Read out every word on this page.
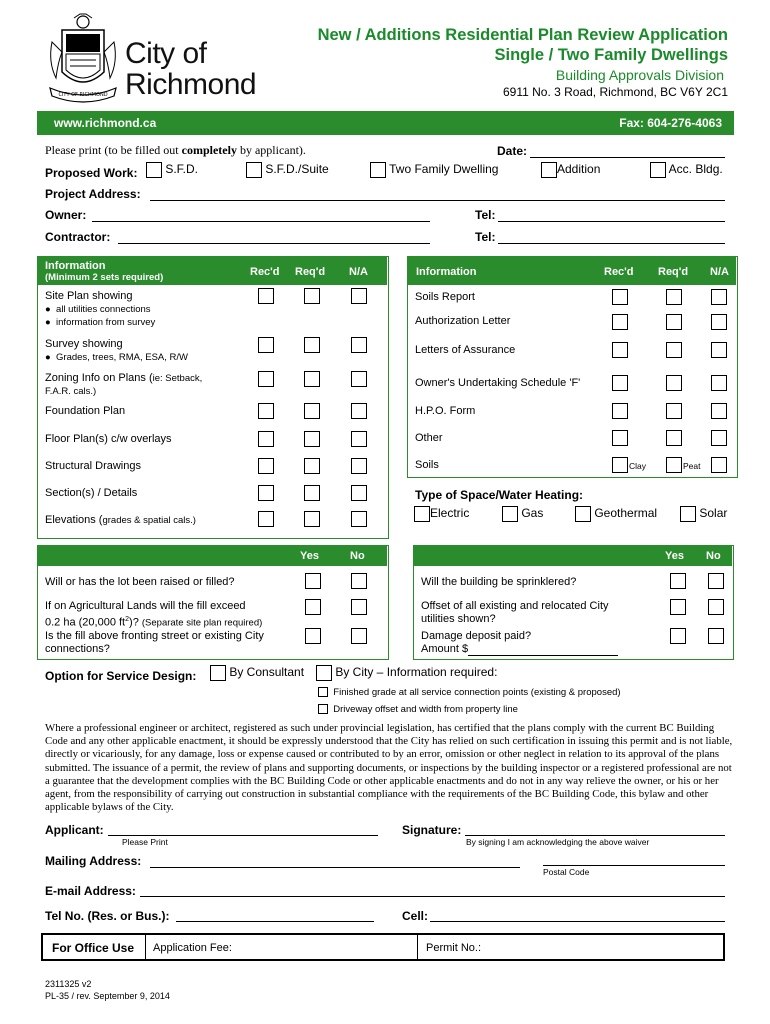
CITY OF RICHMOND
City of
Richmond
New / Additions Residential Plan Review Application
Single / Two Family Dwellings
Building Approvals Division
6911 No. 3 Road, Richmond, BC V6Y 2C1
www.richmond.ca	Fax: 604-276-4063
Please print (to be filled out completely by applicant).	Date:
Proposed Work:	S.F.D.	S.F.D./Suite	Two Family Dwelling	Addition	Acc. Bldg.
Project Address:
Owner:	Tel:
Contractor:	Tel:
Information
(Minimum 2 sets required)	Rec'd Req'd N/A
Site Plan showing
●  all utilities connections
●  information from survey
Survey showing
●  Grades, trees, RMA, ESA, R/W
Zoning Info on Plans (ie: Setback,
F.A.R. cals.)
Foundation Plan
Floor Plan(s) c/w overlays
Structural Drawings
Section(s) / Details
Elevations (grades & spatial cals.)
Information	Rec'd Req'd N/A
Soils Report
Authorization Letter
Letters of Assurance
Owner's Undertaking Schedule 'F'
H.P.O. Form
Other
Soils	Clay	Peat
Type of Space/Water Heating:
Electric	Gas	Geothermal	Solar
Yes	No
Will or has the lot been raised or filled?
If on Agricultural Lands will the fill exceed
0.2 ha (20,000 $ft^2$)? (Separate site plan required)
Is the fill above fronting street or existing City
connections?
Yes No
Will the building be sprinklered?
Offset of all existing and relocated City
utilities shown?
Damage deposit paid?
Amount $
Option for Service Design:	By Consultant	By City – Information required:
Finished grade at all service connection points (existing & proposed)
Driveway offset and width from property line
Where a professional engineer or architect, registered as such under provincial legislation, has certified that the plans comply with the current BC Building Code and any other applicable enactment, it should be expressly understood that the City has relied on such certification in issuing this permit and is not liable, directly or vicariously, for any damage, loss or expense caused or contributed to by an error, omission or other neglect in relation to its approval of the plans submitted. The issuance of a permit, the review of plans and supporting documents, or inspections by the building inspector or a registered professional are not a guarantee that the development complies with the BC Building Code or other applicable enactments and do not in any way relieve the owner, or his or her agent, from the responsibility of carrying out construction in substantial compliance with the requirements of the BC Building Code, this bylaw and other applicable bylaws of the City.
Applicant:
Please Print
Signature:
By signing I am acknowledging the above waiver
Mailing Address:
Postal Code
E-mail Address:
Tel No. (Res. or Bus.):	Cell:
For Office Use Application Fee:	Permit No.:
2311325 v2
PL-35 / rev. September 9, 2014
